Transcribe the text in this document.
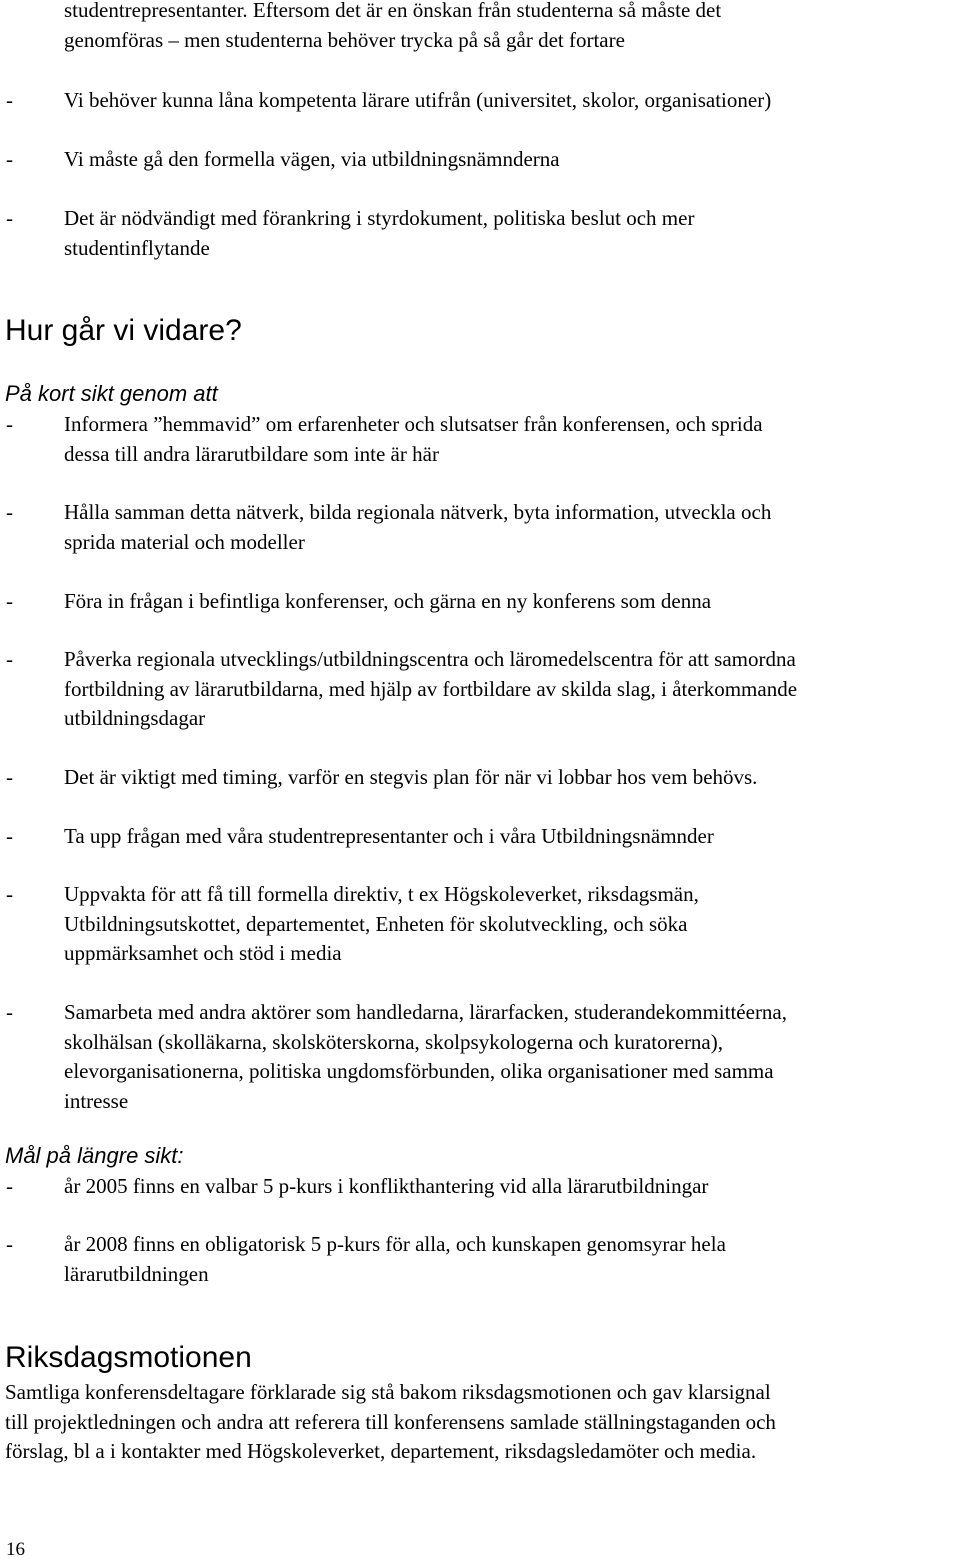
studentrepresentanter. Eftersom det är en önskan från studenterna så måste det
genomföras – men studenterna behöver trycka på så går det fortare
- Vi behöver kunna låna kompetenta lärare utifrån (universitet, skolor, organisationer)
- Vi måste gå den formella vägen, via utbildningsnämnderna
- Det är nödvändigt med förankring i styrdokument, politiska beslut och mer
studentinflytande
Hur går vi vidare?
På kort sikt genom att
- Informera ”hemmavid” om erfarenheter och slutsatser från konferensen, och sprida
dessa till andra lärarutbildare som inte är här
- Hålla samman detta nätverk, bilda regionala nätverk, byta information, utveckla och
sprida material och modeller
- Föra in frågan i befintliga konferenser, och gärna en ny konferens som denna
- Påverka regionala utvecklings/utbildningscentra och läromedelscentra för att samordna
fortbildning av lärarutbildarna, med hjälp av fortbildare av skilda slag, i återkommande
utbildningsdagar
- Det är viktigt med timing, varför en stegvis plan för när vi lobbar hos vem behövs.
- Ta upp frågan med våra studentrepresentanter och i våra Utbildningsnämnder
- Uppvakta för att få till formella direktiv, t ex Högskoleverket, riksdagsmän,
Utbildningsutskottet, departementet, Enheten för skolutveckling, och söka
uppmärksamhet och stöd i media
- Samarbeta med andra aktörer som handledarna, lärarfacken, studerandekommittéerna,
skolhälsan (skolläkarna, skolsköterskorna, skolpsykologerna och kuratorerna),
elevorganisationerna, politiska ungdomsförbunden, olika organisationer med samma
intresse
Mål på längre sikt:
- år 2005 finns en valbar 5 p-kurs i konflikthantering vid alla lärarutbildningar
- år 2008 finns en obligatorisk 5 p-kurs för alla, och kunskapen genomsyrar hela
lärarutbildningen
Riksdagsmotionen
Samtliga konferensdeltagare förklarade sig stå bakom riksdagsmotionen och gav klarsignal
till projektledningen och andra att referera till konferensens samlade ställningstaganden och
förslag, bl a i kontakter med Högskoleverket, departement, riksdagsledamöter och media.
16
